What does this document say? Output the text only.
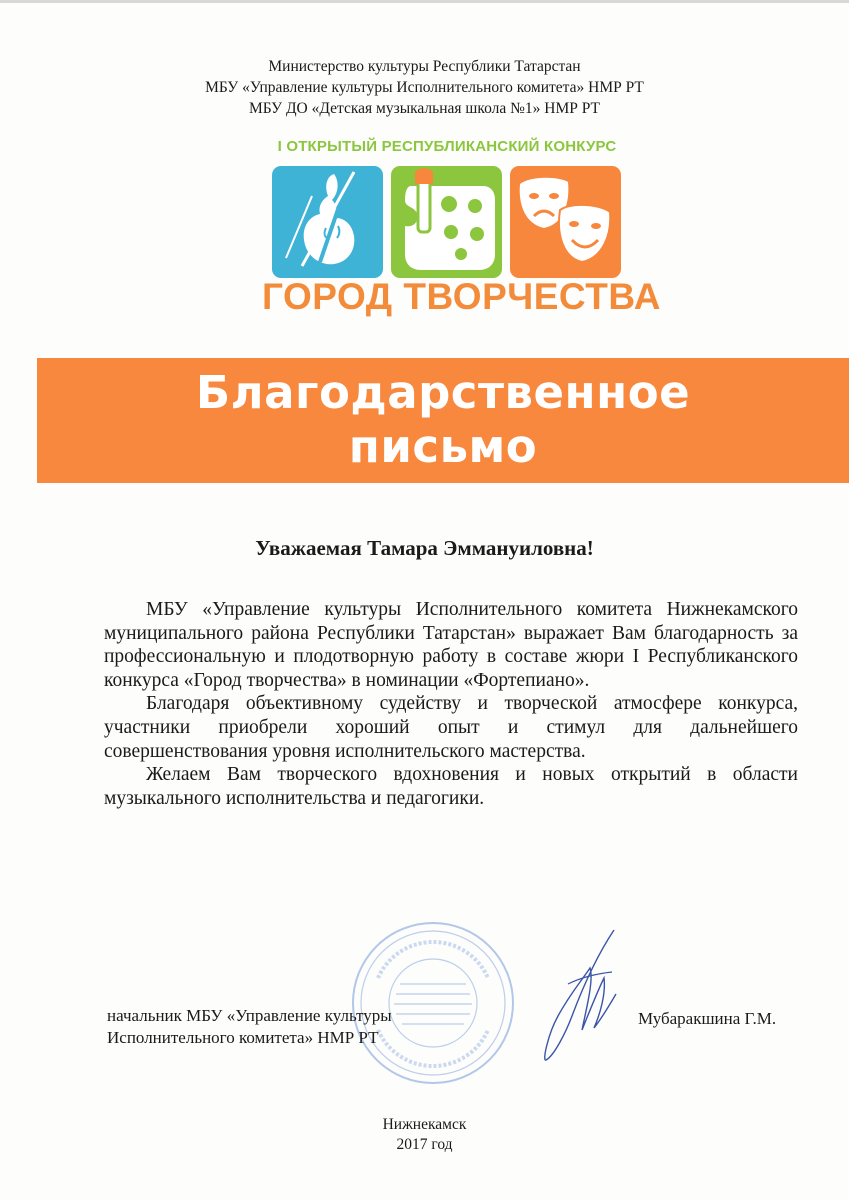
Министерство культуры Республики Татарстан
МБУ «Управление культуры Исполнительного комитета» НМР РТ
МБУ ДО «Детская музыкальная школа №1» НМР РТ
I ОТКРЫТЫЙ РЕСПУБЛИКАНСКИЙ КОНКУРС
ГОРОД ТВОРЧЕСТВА
Благодарственное
письмо
Уважаемая Тамара Эммануиловна!

МБУ «Управление культуры Исполнительного комитета Нижнекамского муниципального района Республики Татарстан» выражает Вам благодарность за профессиональную и плодотворную работу в составе жюри I Республиканского конкурса «Город творчества» в номинации «Фортепиано».

Благодаря объективному судейству и творческой атмосфере конкурса, участники приобрели хороший опыт и стимул для дальнейшего совершенствования уровня исполнительского мастерства.

Желаем Вам творческого вдохновения и новых открытий в области музыкального исполнительства и педагогики.

начальник МБУ «Управление культуры
Исполнительного комитета» НМР РТ
Мубаракшина Г.М.
Нижнекамск
2017 год
